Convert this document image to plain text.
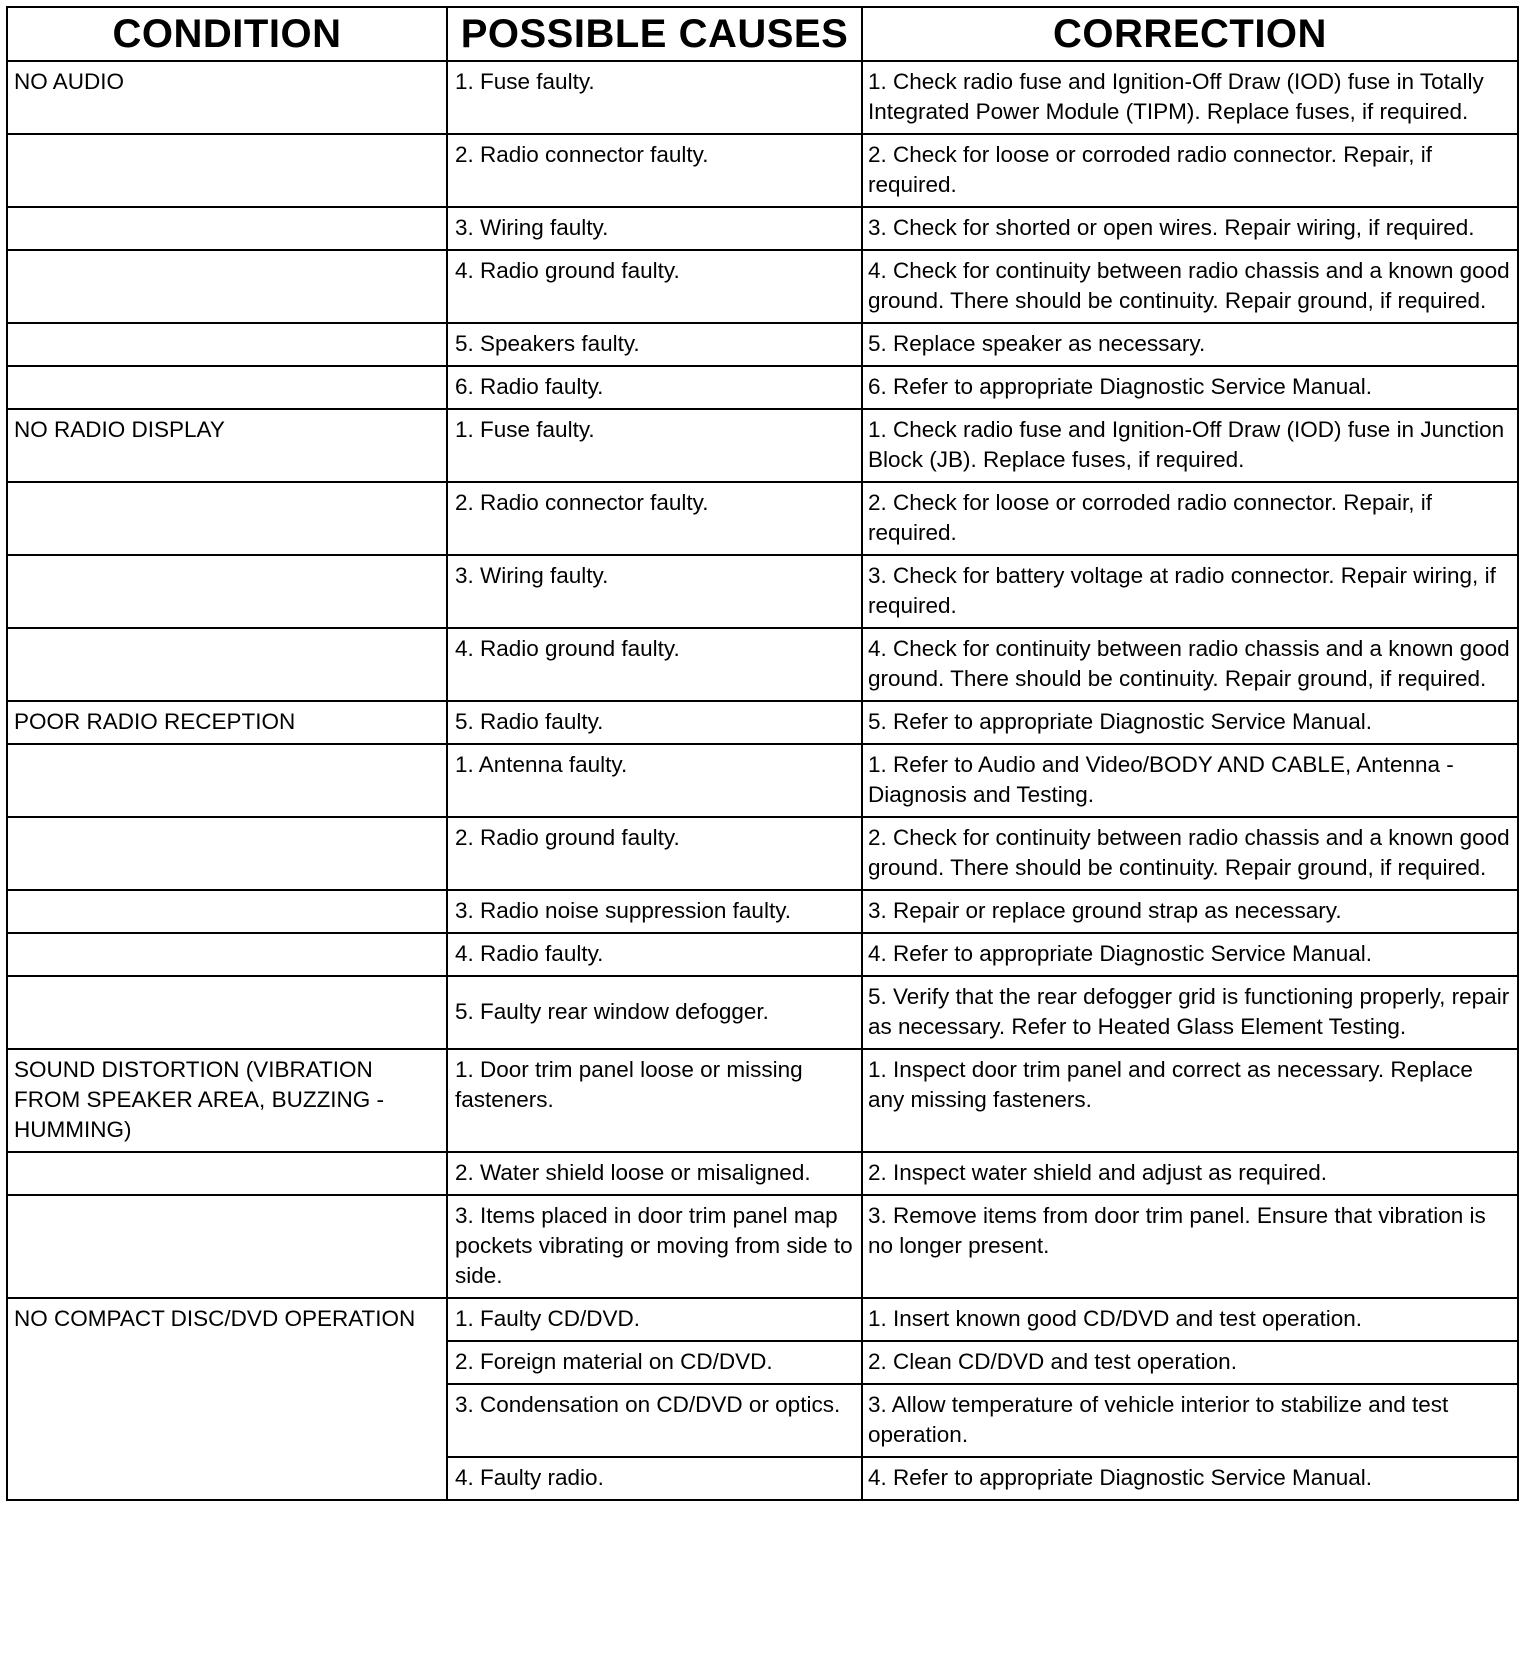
CONDITION	POSSIBLE CAUSES	CORRECTION
NO AUDIO	1. Fuse faulty.	1. Check radio fuse and Ignition-Off Draw (IOD) fuse in Totally Integrated Power Module (TIPM). Replace fuses, if required.
	2. Radio connector faulty.	2. Check for loose or corroded radio connector. Repair, if required.
	3. Wiring faulty.	3. Check for shorted or open wires. Repair wiring, if required.
	4. Radio ground faulty.	4. Check for continuity between radio chassis and a known good ground. There should be continuity. Repair ground, if required.
	5. Speakers faulty.	5. Replace speaker as necessary.
	6. Radio faulty.	6. Refer to appropriate Diagnostic Service Manual.
NO RADIO DISPLAY	1. Fuse faulty.	1. Check radio fuse and Ignition-Off Draw (IOD) fuse in Junction Block (JB). Replace fuses, if required.
	2. Radio connector faulty.	2. Check for loose or corroded radio connector. Repair, if required.
	3. Wiring faulty.	3. Check for battery voltage at radio connector. Repair wiring, if required.
	4. Radio ground faulty.	4. Check for continuity between radio chassis and a known good ground. There should be continuity. Repair ground, if required.
POOR RADIO RECEPTION	5. Radio faulty.	5. Refer to appropriate Diagnostic Service Manual.
	1. Antenna faulty.	1. Refer to Audio and Video/BODY AND CABLE, Antenna - Diagnosis and Testing.
	2. Radio ground faulty.	2. Check for continuity between radio chassis and a known good ground. There should be continuity. Repair ground, if required.
	3. Radio noise suppression faulty.	3. Repair or replace ground strap as necessary.
	4. Radio faulty.	4. Refer to appropriate Diagnostic Service Manual.
	5. Faulty rear window defogger.	5. Verify that the rear defogger grid is functioning properly, repair as necessary. Refer to Heated Glass Element Testing.
SOUND DISTORTION (VIBRATION FROM SPEAKER AREA, BUZZING - HUMMING)	1. Door trim panel loose or missing fasteners.	1. Inspect door trim panel and correct as necessary. Replace any missing fasteners.
	2. Water shield loose or misaligned.	2. Inspect water shield and adjust as required.
	3. Items placed in door trim panel map pockets vibrating or moving from side to side.	3. Remove items from door trim panel. Ensure that vibration is no longer present.
NO COMPACT DISC/DVD OPERATION	1. Faulty CD/DVD.	1. Insert known good CD/DVD and test operation.
	2. Foreign material on CD/DVD.	2. Clean CD/DVD and test operation.
	3. Condensation on CD/DVD or optics.	3. Allow temperature of vehicle interior to stabilize and test operation.
	4. Faulty radio.	4. Refer to appropriate Diagnostic Service Manual.
